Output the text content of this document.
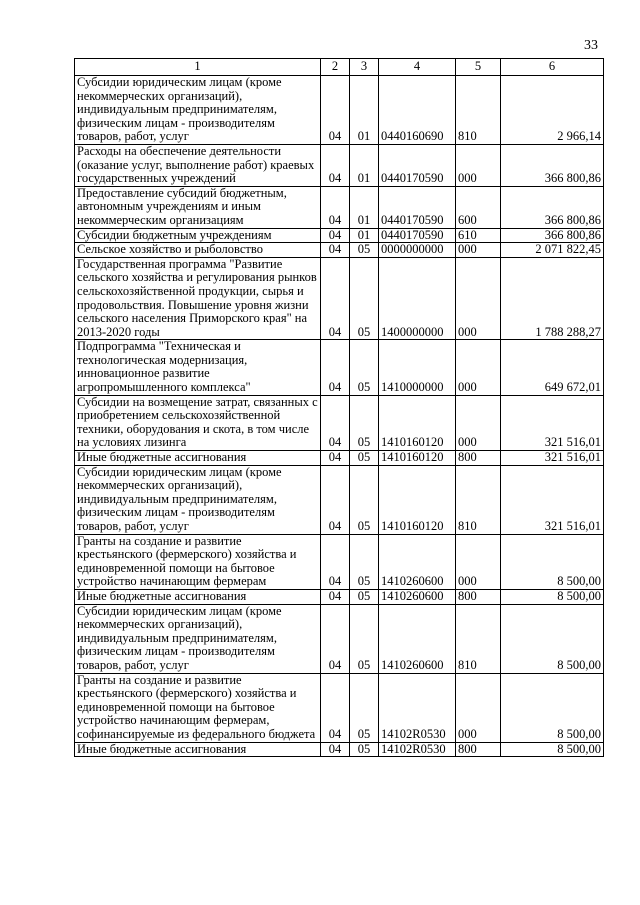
33
1	2	3	4	5	6
Субсидии юридическим лицам (кроме некоммерческих организаций), индивидуальным предпринимателям, физическим лицам - производителям товаров, работ, услуг	04	01	0440160690	810	2 966,14
Расходы на обеспечение деятельности (оказание услуг, выполнение работ) краевых государственных учреждений	04	01	0440170590	000	366 800,86
Предоставление субсидий бюджетным, автономным учреждениям и иным некоммерческим организациям	04	01	0440170590	600	366 800,86
Субсидии бюджетным учреждениям	04	01	0440170590	610	366 800,86
Сельское хозяйство и рыболовство	04	05	0000000000	000	2 071 822,45
Государственная программа "Развитие сельского хозяйства и регулирования рынков сельскохозяйственной продукции, сырья и продовольствия. Повышение уровня жизни сельского населения Приморского края" на 2013-2020 годы	04	05	1400000000	000	1 788 288,27
Подпрограмма "Техническая и технологическая модернизация, инновационное развитие агропромышленного комплекса"	04	05	1410000000	000	649 672,01
Субсидии на возмещение затрат, связанных с приобретением сельскохозяйственной техники, оборудования и скота, в том числе на условиях лизинга	04	05	1410160120	000	321 516,01
Иные бюджетные ассигнования	04	05	1410160120	800	321 516,01
Субсидии юридическим лицам (кроме некоммерческих организаций), индивидуальным предпринимателям, физическим лицам - производителям товаров, работ, услуг	04	05	1410160120	810	321 516,01
Гранты на создание и развитие крестьянского (фермерского) хозяйства и единовременной помощи на бытовое устройство начинающим фермерам	04	05	1410260600	000	8 500,00
Иные бюджетные ассигнования	04	05	1410260600	800	8 500,00
Субсидии юридическим лицам (кроме некоммерческих организаций), индивидуальным предпринимателям, физическим лицам - производителям товаров, работ, услуг	04	05	1410260600	810	8 500,00
Гранты на создание и развитие крестьянского (фермерского) хозяйства и единовременной помощи на бытовое устройство начинающим фермерам, софинансируемые из федерального бюджета	04	05	14102R0530	000	8 500,00
Иные бюджетные ассигнования	04	05	14102R0530	800	8 500,00
